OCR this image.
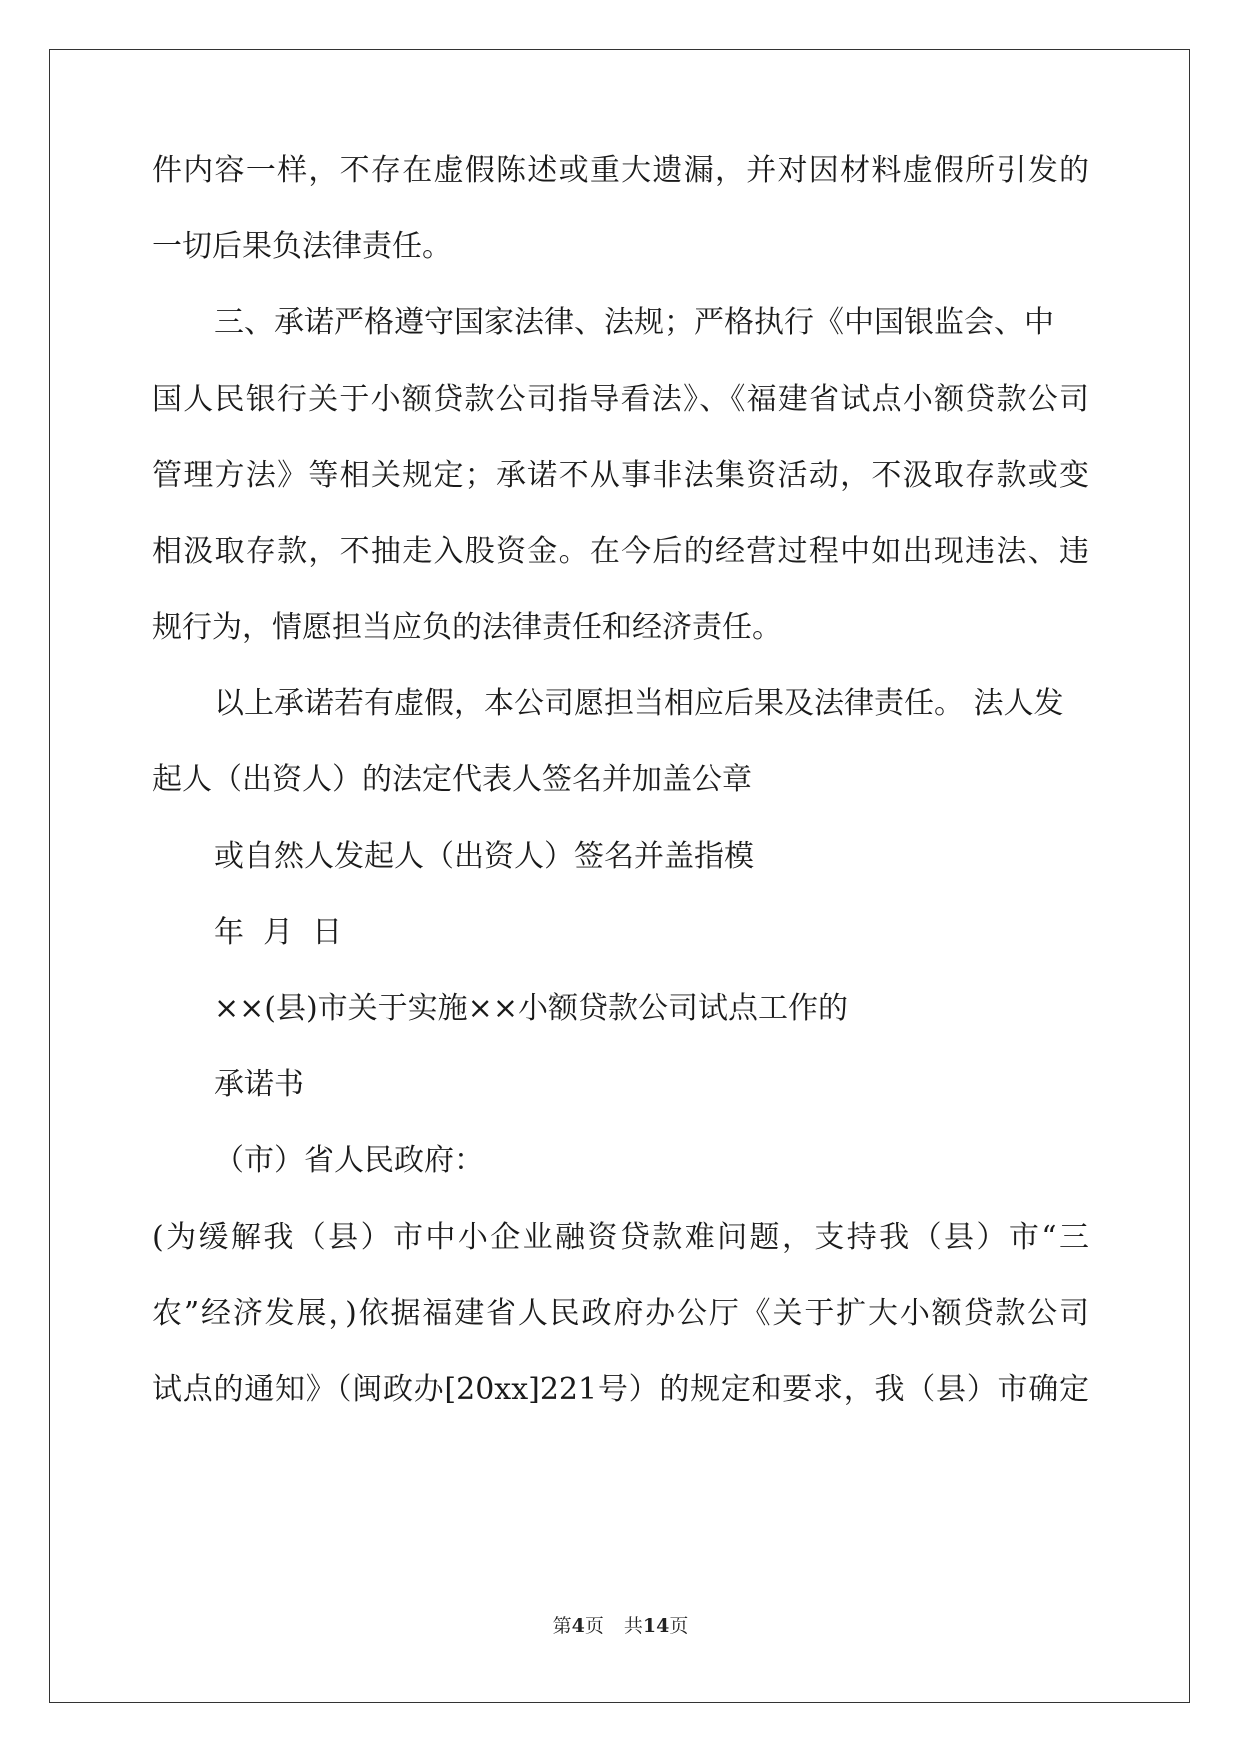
件内容一样，不存在虚假陈述或重大遗漏，并对因材料虚假所引发的
一切后果负法律责任。
三、承诺严格遵守国家法律、法规；严格执行《中国银监会、中
国人民银行关于小额贷款公司指导看法》、《福建省试点小额贷款公司
管理方法》等相关规定；承诺不从事非法集资活动，不汲取存款或变
相汲取存款，不抽走入股资金。在今后的经营过程中如出现违法、违
规行为，情愿担当应负的法律责任和经济责任。
以上承诺若有虚假，本公司愿担当相应后果及法律责任。 法人发
起人（出资人）的法定代表人签名并加盖公章
或自然人发起人（出资人）签名并盖指模
年  月  日
××(县)市关于实施××小额贷款公司试点工作的
承诺书
（市）省人民政府：
(为缓解我（县）市中小企业融资贷款难问题，支持我（县）市“三
农”经济发展，)依据福建省人民政府办公厅《关于扩大小额贷款公司
试点的通知》（闽政办[20xx]221号）的规定和要求，我（县）市确定
第4页 共14页
